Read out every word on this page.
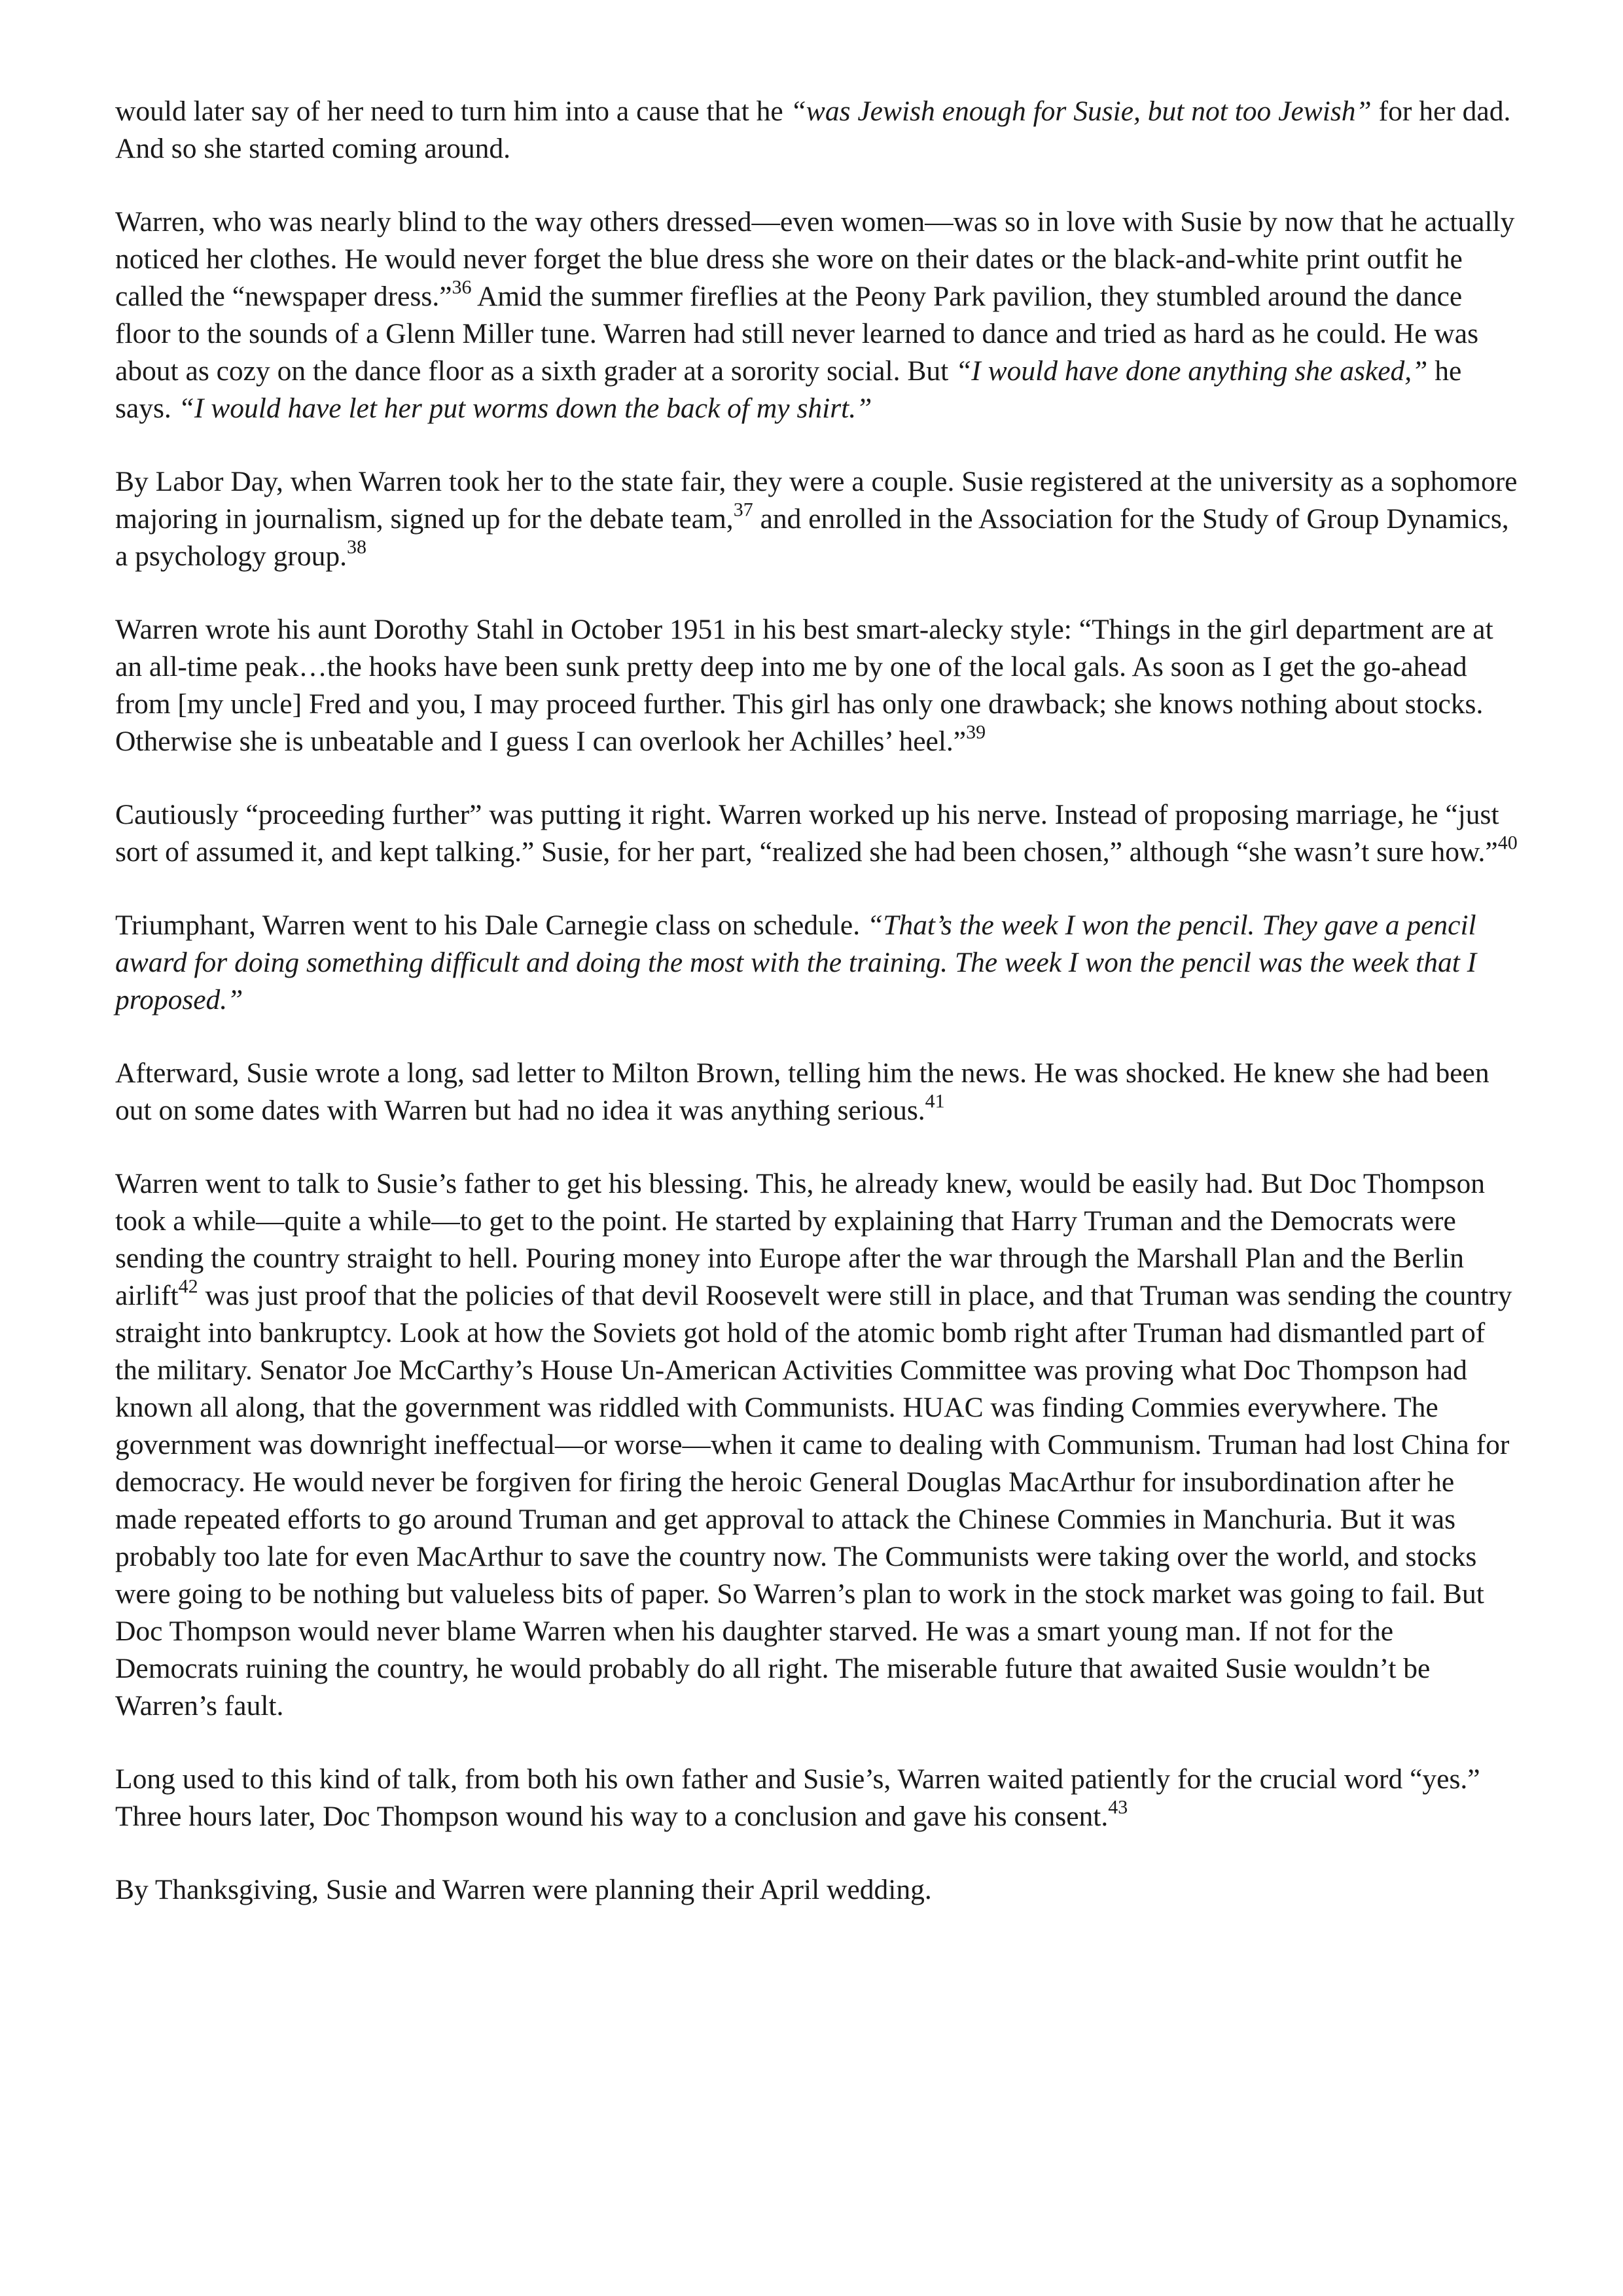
would later say of her need to turn him into a cause that he “was Jewish enough for Susie, but not too Jewish” for her dad. And so she started coming around.

Warren, who was nearly blind to the way others dressed—even women—was so in love with Susie by now that he actually noticed her clothes. He would never forget the blue dress she wore on their dates or the black-and-white print outfit he called the “newspaper dress.”$^{36}$ Amid the summer fireflies at the Peony Park pavilion, they stumbled around the dance floor to the sounds of a Glenn Miller tune. Warren had still never learned to dance and tried as hard as he could. He was about as cozy on the dance floor as a sixth grader at a sorority social. But “I would have done anything she asked,” he says. “I would have let her put worms down the back of my shirt.”

By Labor Day, when Warren took her to the state fair, they were a couple. Susie registered at the university as a sophomore majoring in journalism, signed up for the debate team,$^{37}$ and enrolled in the Association for the Study of Group Dynamics, a psychology group.$^{38}$

Warren wrote his aunt Dorothy Stahl in October 1951 in his best smart-alecky style: “Things in the girl department are at an all-time peak…the hooks have been sunk pretty deep into me by one of the local gals. As soon as I get the go-ahead from [my uncle] Fred and you, I may proceed further. This girl has only one drawback; she knows nothing about stocks. Otherwise she is unbeatable and I guess I can overlook her Achilles’ heel.”$^{39}$

Cautiously “proceeding further” was putting it right. Warren worked up his nerve. Instead of proposing marriage, he “just sort of assumed it, and kept talking.” Susie, for her part, “realized she had been chosen,” although “she wasn’t sure how.”$^{40}$

Triumphant, Warren went to his Dale Carnegie class on schedule. “That’s the week I won the pencil. They gave a pencil award for doing something difficult and doing the most with the training. The week I won the pencil was the week that I proposed.”

Afterward, Susie wrote a long, sad letter to Milton Brown, telling him the news. He was shocked. He knew she had been out on some dates with Warren but had no idea it was anything serious.$^{41}$

Warren went to talk to Susie’s father to get his blessing. This, he already knew, would be easily had. But Doc Thompson took a while—quite a while—to get to the point. He started by explaining that Harry Truman and the Democrats were sending the country straight to hell. Pouring money into Europe after the war through the Marshall Plan and the Berlin airlift$^{42}$ was just proof that the policies of that devil Roosevelt were still in place, and that Truman was sending the country straight into bankruptcy. Look at how the Soviets got hold of the atomic bomb right after Truman had dismantled part of the military. Senator Joe McCarthy’s House Un-American Activities Committee was proving what Doc Thompson had known all along, that the government was riddled with Communists. HUAC was finding Commies everywhere. The government was downright ineffectual—or worse—when it came to dealing with Communism. Truman had lost China for democracy. He would never be forgiven for firing the heroic General Douglas MacArthur for insubordination after he made repeated efforts to go around Truman and get approval to attack the Chinese Commies in Manchuria. But it was probably too late for even MacArthur to save the country now. The Communists were taking over the world, and stocks were going to be nothing but valueless bits of paper. So Warren’s plan to work in the stock market was going to fail. But Doc Thompson would never blame Warren when his daughter starved. He was a smart young man. If not for the Democrats ruining the country, he would probably do all right. The miserable future that awaited Susie wouldn’t be Warren’s fault.

Long used to this kind of talk, from both his own father and Susie’s, Warren waited patiently for the crucial word “yes.” Three hours later, Doc Thompson wound his way to a conclusion and gave his consent.$^{43}$

By Thanksgiving, Susie and Warren were planning their April wedding.
